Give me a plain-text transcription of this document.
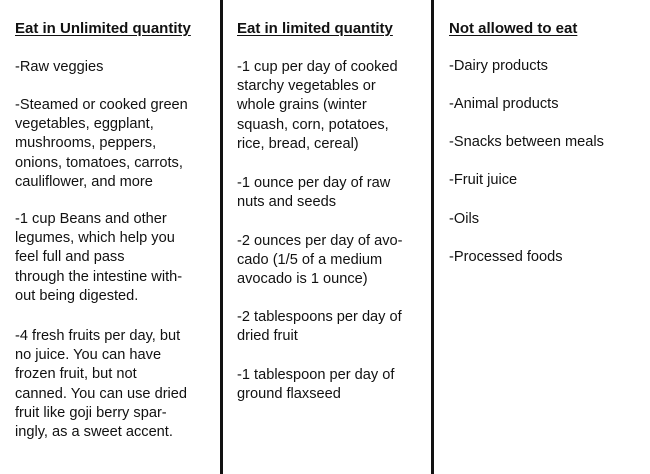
Eat in Unlimited quantity

-Raw veggies

-Steamed or cooked green
vegetables, eggplant,
mushrooms, peppers,
onions, tomatoes, carrots,
cauliflower, and more

-1 cup Beans and other
legumes, which help you
feel full and pass
through the intestine with-
out being digested.

-4 fresh fruits per day, but
no juice. You can have
frozen fruit, but not
canned. You can use dried
fruit like goji berry spar-
ingly, as a sweet accent.

Eat in limited quantity

-1 cup per day of cooked
starchy vegetables or
whole grains (winter
squash, corn, potatoes,
rice, bread, cereal)

-1 ounce per day of raw
nuts and seeds

-2 ounces per day of avo-
cado (1/5 of a medium
avocado is 1 ounce)

-2 tablespoons per day of
dried fruit

-1 tablespoon per day of
ground flaxseed

Not allowed to eat

-Dairy products

-Animal products

-Snacks between meals

-Fruit juice

-Oils

-Processed foods
